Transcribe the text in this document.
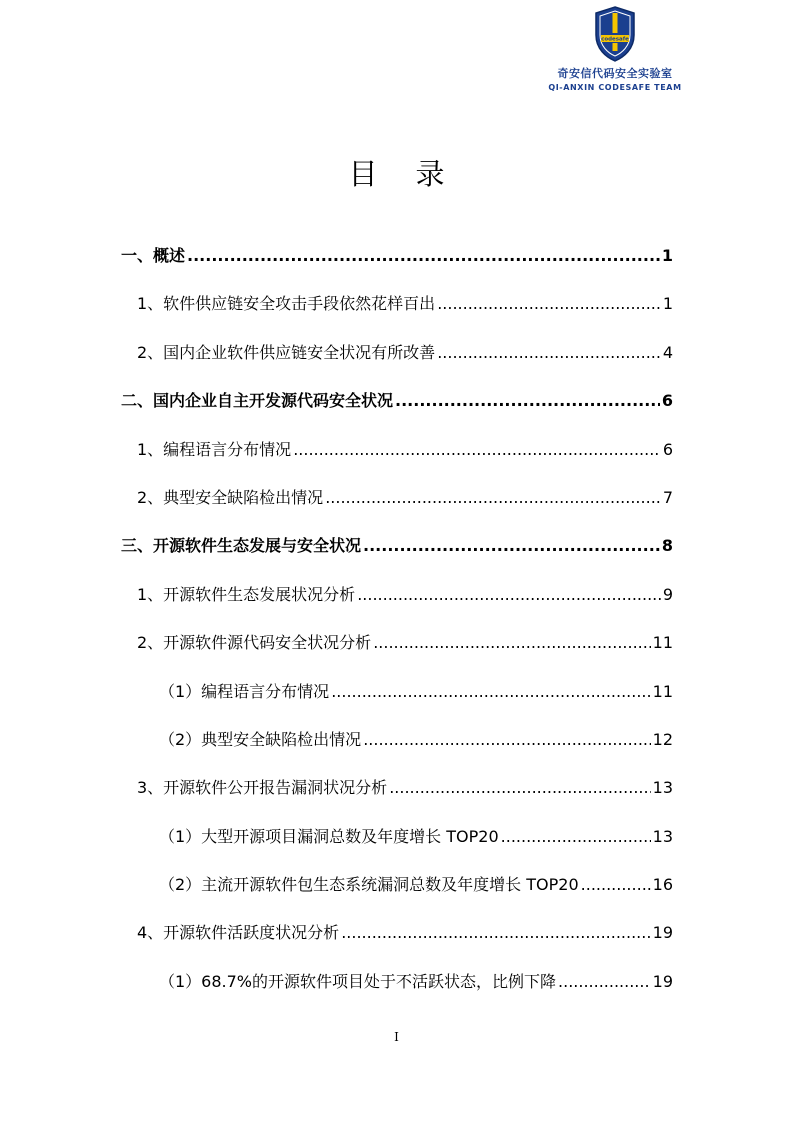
codesafe
奇安信代码安全实验室
QI-ANXIN CODESAFE TEAM
目录
一、概述 .....	1
1、软件供应链安全攻击手段依然花样百出 .....	1
2、国内企业软件供应链安全状况有所改善 .....	4
二、国内企业自主开发源代码安全状况 .....	6
1、编程语言分布情况 .....	6
2、典型安全缺陷检出情况 .....	7
三、开源软件生态发展与安全状况 .....	8
1、开源软件生态发展状况分析 .....	9
2、开源软件源代码安全状况分析 .....	11
（1）编程语言分布情况 .....	11
（2）典型安全缺陷检出情况 .....	12
3、开源软件公开报告漏洞状况分析 .....	13
（1）大型开源项目漏洞总数及年度增长 TOP20 .....	13
（2）主流开源软件包生态系统漏洞总数及年度增长 TOP20 .....	16
4、开源软件活跃度状况分析 .....	19
（1）68.7%的开源软件项目处于不活跃状态，比例下降 .....	19
I
